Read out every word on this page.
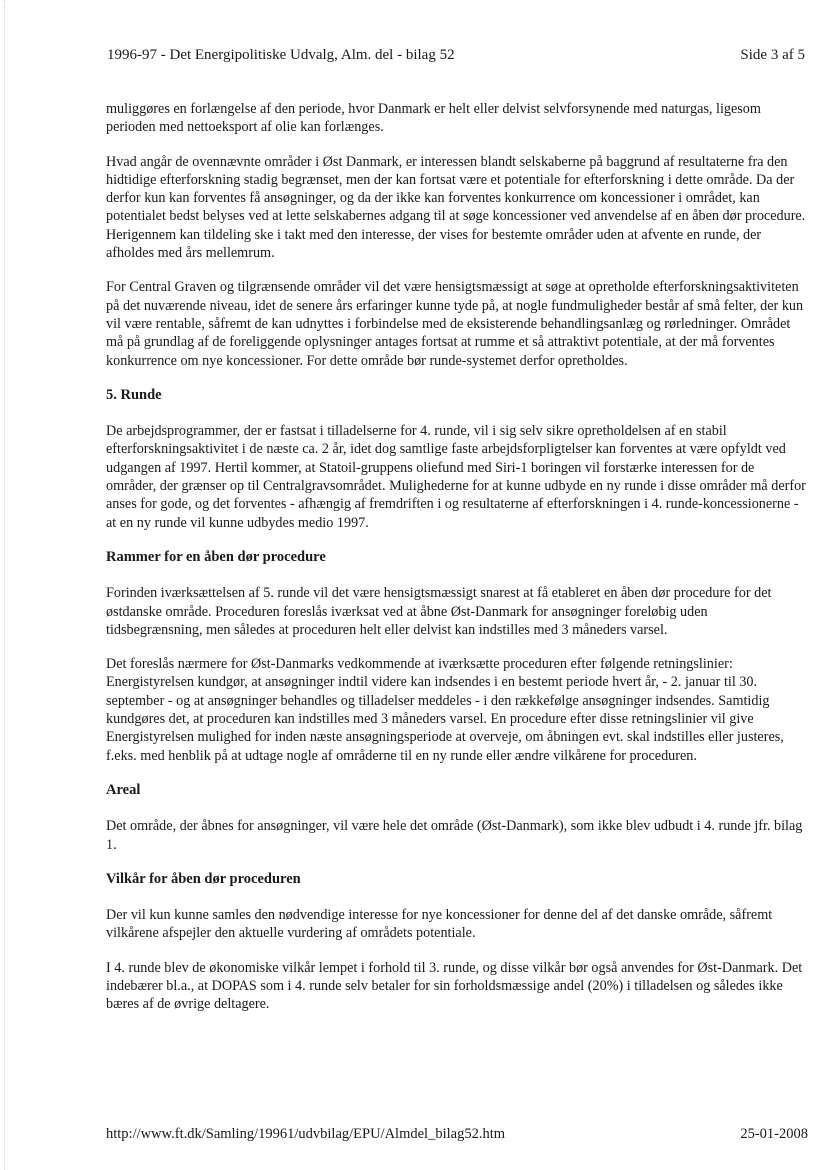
1996-97 - Det Energipolitiske Udvalg, Alm. del - bilag 52	Side 3 af 5

muliggøres en forlængelse af den periode, hvor Danmark er helt eller delvist selvforsynende med naturgas, ligesom perioden med nettoeksport af olie kan forlænges.

Hvad angår de ovennævnte områder i Øst Danmark, er interessen blandt selskaberne på baggrund af resultaterne fra den hidtidige efterforskning stadig begrænset, men der kan fortsat være et potentiale for efterforskning i dette område. Da der derfor kun kan forventes få ansøgninger, og da der ikke kan forventes konkurrence om koncessioner i området, kan potentialet bedst belyses ved at lette selskabernes adgang til at søge koncessioner ved anvendelse af en åben dør procedure. Herigennem kan tildeling ske i takt med den interesse, der vises for bestemte områder uden at afvente en runde, der afholdes med års mellemrum.

For Central Graven og tilgrænsende områder vil det være hensigtsmæssigt at søge at opretholde efterforskningsaktiviteten på det nuværende niveau, idet de senere års erfaringer kunne tyde på, at nogle fundmuligheder består af små felter, der kun vil være rentable, såfremt de kan udnyttes i forbindelse med de eksisterende behandlingsanlæg og rørledninger. Området må på grundlag af de foreliggende oplysninger antages fortsat at rumme et så attraktivt potentiale, at der må forventes konkurrence om nye koncessioner. For dette område bør runde-systemet derfor opretholdes.

5. Runde

De arbejdsprogrammer, der er fastsat i tilladelserne for 4. runde, vil i sig selv sikre opretholdelsen af en stabil efterforskningsaktivitet i de næste ca. 2 år, idet dog samtlige faste arbejdsforpligtelser kan forventes at være opfyldt ved udgangen af 1997. Hertil kommer, at Statoil-gruppens oliefund med Siri-1 boringen vil forstærke interessen for de områder, der grænser op til Centralgravsområdet. Mulighederne for at kunne udbyde en ny runde i disse områder må derfor anses for gode, og det forventes - afhængig af fremdriften i og resultaterne af efterforskningen i 4. runde-koncessionerne - at en ny runde vil kunne udbydes medio 1997.

Rammer for en åben dør procedure

Forinden iværksættelsen af 5. runde vil det være hensigtsmæssigt snarest at få etableret en åben dør procedure for det østdanske område. Proceduren foreslås iværksat ved at åbne Øst-Danmark for ansøgninger foreløbig uden tidsbegrænsning, men således at proceduren helt eller delvist kan indstilles med 3 måneders varsel.

Det foreslås nærmere for Øst-Danmarks vedkommende at iværksætte proceduren efter følgende retningslinier: Energistyrelsen kundgør, at ansøgninger indtil videre kan indsendes i en bestemt periode hvert år, - 2. januar til 30. september - og at ansøgninger behandles og tilladelser meddeles - i den rækkefølge ansøgninger indsendes. Samtidig kundgøres det, at proceduren kan indstilles med 3 måneders varsel. En procedure efter disse retningslinier vil give Energistyrelsen mulighed for inden næste ansøgningsperiode at overveje, om åbningen evt. skal indstilles eller justeres, f.eks. med henblik på at udtage nogle af områderne til en ny runde eller ændre vilkårene for proceduren.

Areal

Det område, der åbnes for ansøgninger, vil være hele det område (Øst-Danmark), som ikke blev udbudt i 4. runde jfr. bilag 1.

Vilkår for åben dør proceduren

Der vil kun kunne samles den nødvendige interesse for nye koncessioner for denne del af det danske område, såfremt vilkårene afspejler den aktuelle vurdering af områdets potentiale.

I 4. runde blev de økonomiske vilkår lempet i forhold til 3. runde, og disse vilkår bør også anvendes for Øst-Danmark. Det indebærer bl.a., at DOPAS som i 4. runde selv betaler for sin forholdsmæssige andel (20%) i tilladelsen og således ikke bæres af de øvrige deltagere.

http://www.ft.dk/Samling/19961/udvbilag/EPU/Almdel_bilag52.htm	25-01-2008
